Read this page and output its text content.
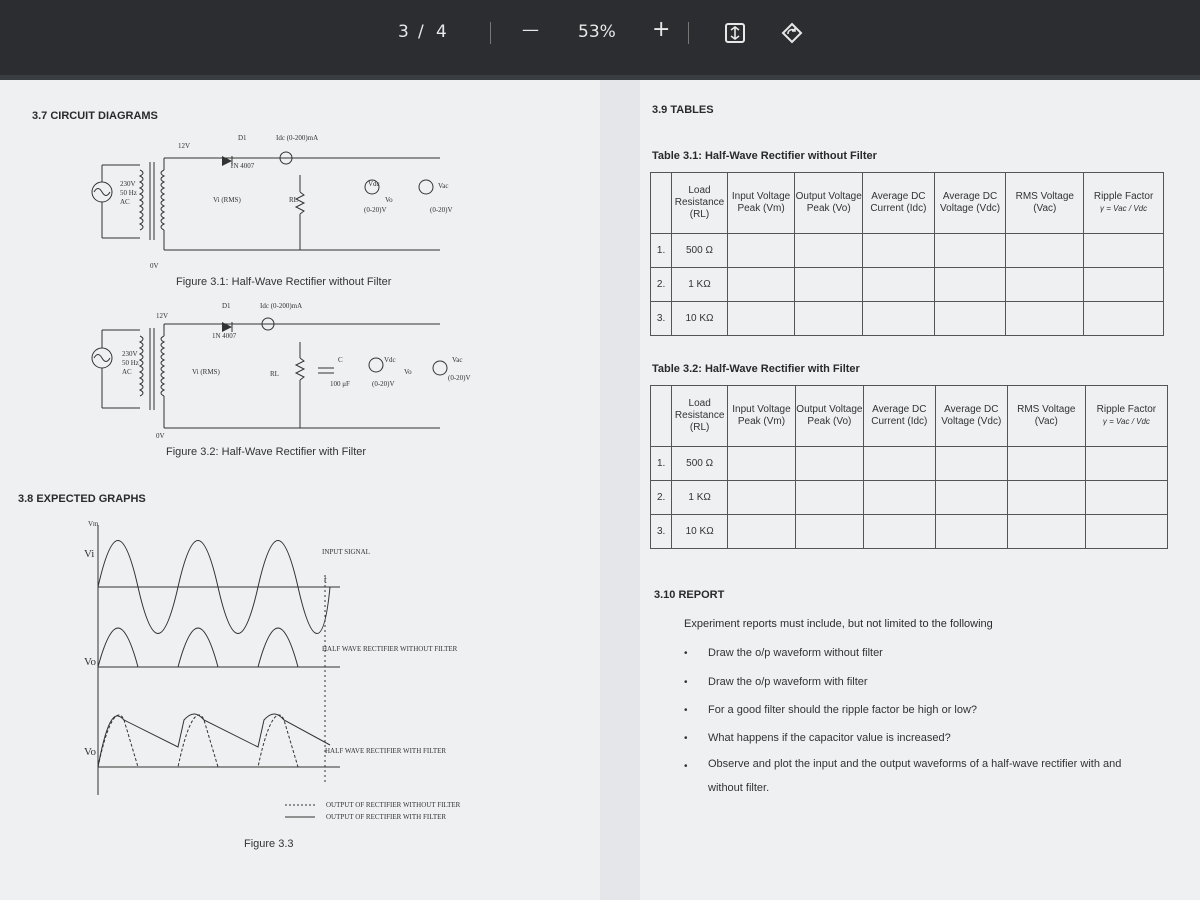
3 / 4	— 53% +
3.7 CIRCUIT DIAGRAMS
230V
50 Hz
AC
12V
D1
1N 4007
Idc (0-200)mA
Vi (RMS)	RL
Vdc
Vo
(0-20)V
Vac
(0-20)V
0V
Figure 3.1: Half-Wave Rectifier without Filter
230V
50 Hz
AC
12V
D1
1N 4007
Idc (0-200)mA
Vi (RMS)	RL
C
100 μF
Vdc
Vo
(0-20)V
Vac
(0-20)V
0V
Figure 3.2: Half-Wave Rectifier with Filter
3.8 EXPECTED GRAPHS
Vm
Vi
Vo
Vo
t
INPUT SIGNAL
HALF WAVE RECTIFIER WITHOUT FILTER
HALF WAVE RECTIFIER WITH FILTER
OUTPUT OF RECTIFIER WITHOUT FILTER
OUTPUT OF RECTIFIER WITH FILTER
Figure 3.3
3.9 TABLES
Table 3.1: Half-Wave Rectifier without Filter
	Load Resistance (RL)	Input Voltage Peak (Vm)	Output Voltage Peak (Vo)	Average DC Current (Idc)	Average DC Voltage (Vdc)	RMS Voltage (Vac)	Ripple Factor
γ = Vac / Vdc

1.	500 Ω						
2.	1 KΩ						
3.	10 KΩ						
Table 3.2: Half-Wave Rectifier with Filter
	Load Resistance (RL)	Input Voltage Peak (Vm)	Output Voltage Peak (Vo)	Average DC Current (Idc)	Average DC Voltage (Vdc)	RMS Voltage (Vac)	Ripple Factor
γ = Vac / Vdc

1.	500 Ω						
2.	1 KΩ						
3.	10 KΩ						
3.10 REPORT
Experiment reports must include, but not limited to the following
• Draw the o/p waveform without filter
• Draw the o/p waveform with filter
• For a good filter should the ripple factor be high or low?
• What happens if the capacitor value is increased?
• Observe and plot the input and the output waveforms of a half-wave rectifier with and
without filter.
